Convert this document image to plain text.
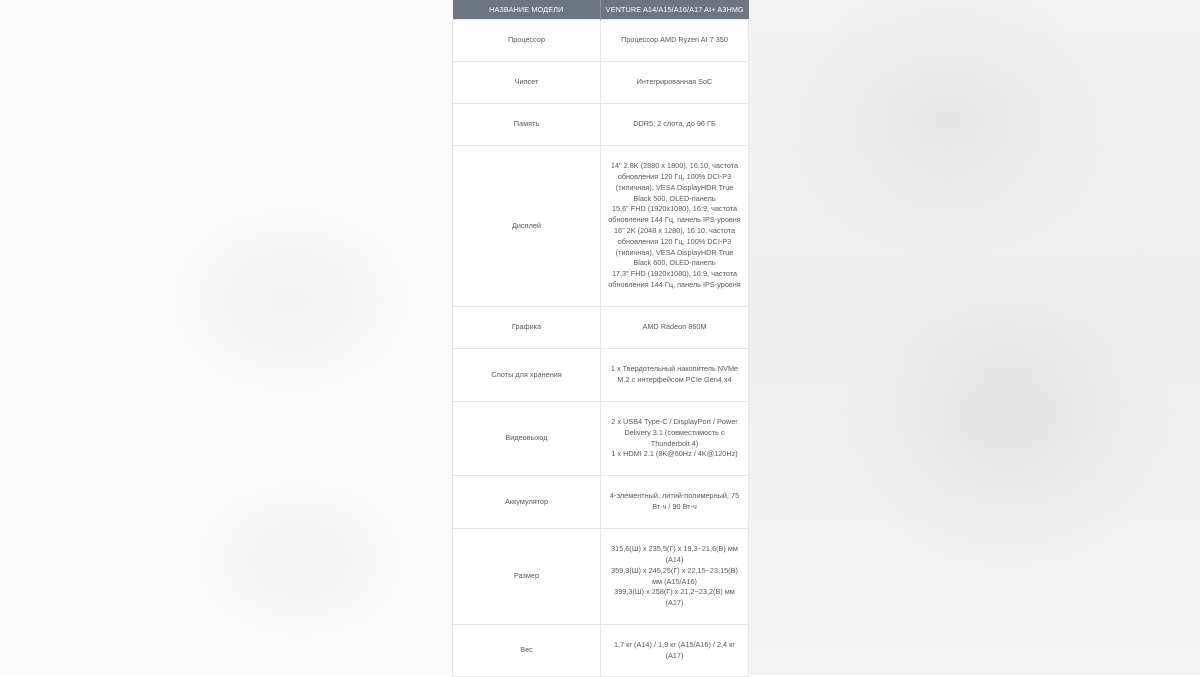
НАЗВАНИЕ МОДЕЛИ	VENTURE A14/A15/A16/A17 AI+ A3HMG
Процессор	Процессор AMD Ryzen AI 7 350

Чипсет	Интегрированная SoC

Память	DDR5, 2 слота, до 96 ГБ

Дисплей	14" 2.8K (2880 x 1800), 16:10, частота обновления 120 Гц, 100% DCI-P3 (типичная), VESA DisplayHDR True Black 500, OLED-панель
15,6" FHD (1920x1080), 16:9, частота обновления 144 Гц, панель IPS-уровня
16" 2K (2048 x 1280), 16:10, частота обновления 120 Гц, 100% DCI-P3 (типичная), VESA DisplayHDR True Black 600, OLED-панель
17,3" FHD (1920x1080), 16:9, частота обновления 144 Гц, панель IPS-уровня

Графика	AMD Radeon 860M

Слоты для хранения	1 x Твердотельный накопитель NVMe M.2 с интерфейсом PCIe Gen4 x4

Видеовыход	2 x USB4 Type-C / DisplayPort / Power Delivery 3.1 (совместимость с Thunderbolt 4)
1 x HDMI 2.1 (8K@60Hz / 4K@120Hz)

Аккумулятор	4-элементный, литий-полимерный, 75 Вт-ч / 90 Вт-ч

Размер	315,6(Ш) x 235,5(Г) x 19,3~21,6(В) мм (A14)
359,3(Ш) x 245,25(Г) x 22,15~23,15(В) мм (A15/A16)
399,3(Ш) x 258(Г) x 21,2~23,2(В) мм (A17)

Вес	1,7 кг (A14) / 1,9 кг (A15/A16) / 2,4 кг (A17)
